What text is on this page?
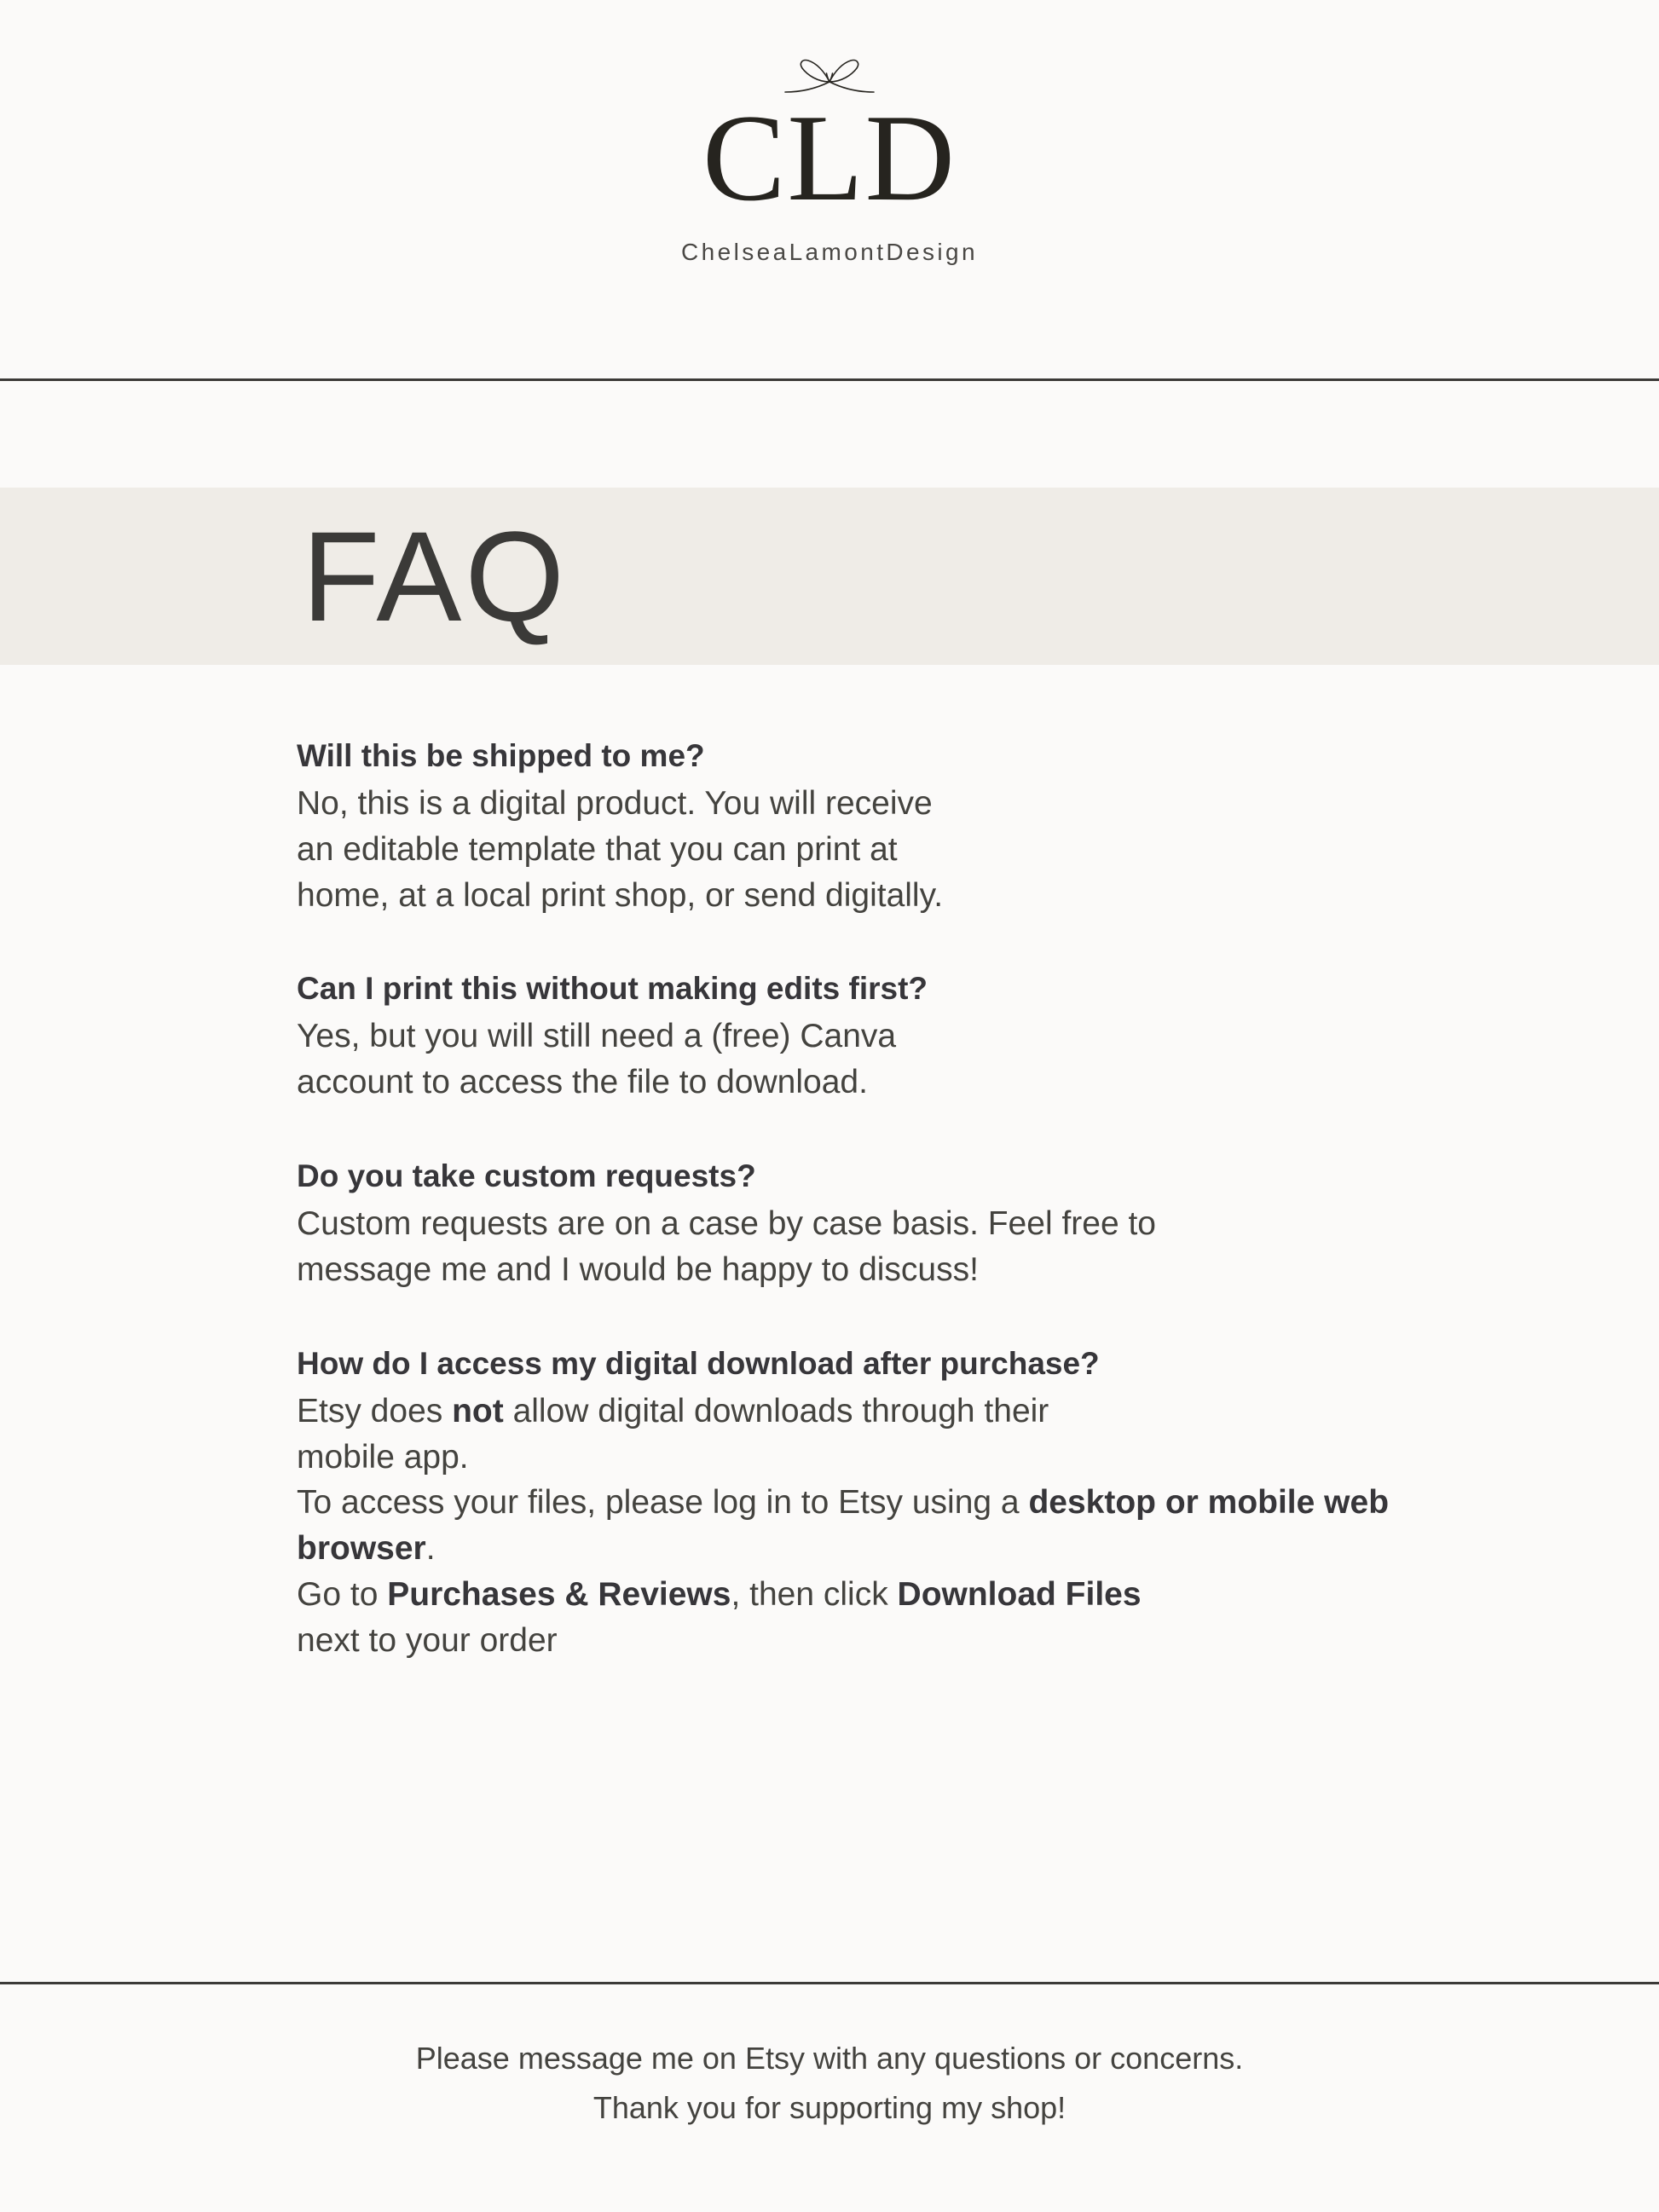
CLD
ChelseaLamontDesign
FAQ
Will this be shipped to me?

No, this is a digital product. You will receive

an editable template that you can print at

home, at a local print shop, or send digitally.

Can I print this without making edits first?

Yes, but you will still need a (free) Canva

account to access the file to download.

Do you take custom requests?

Custom requests are on a case by case basis. Feel free to

message me and I would be happy to discuss!

How do I access my digital download after purchase?

Etsy does not allow digital downloads through their

mobile app.

To access your files, please log in to Etsy using a desktop or mobile web browser.

Go to Purchases & Reviews, then click Download Files

next to your order

Please message me on Etsy with any questions or concerns.
Thank you for supporting my shop!
